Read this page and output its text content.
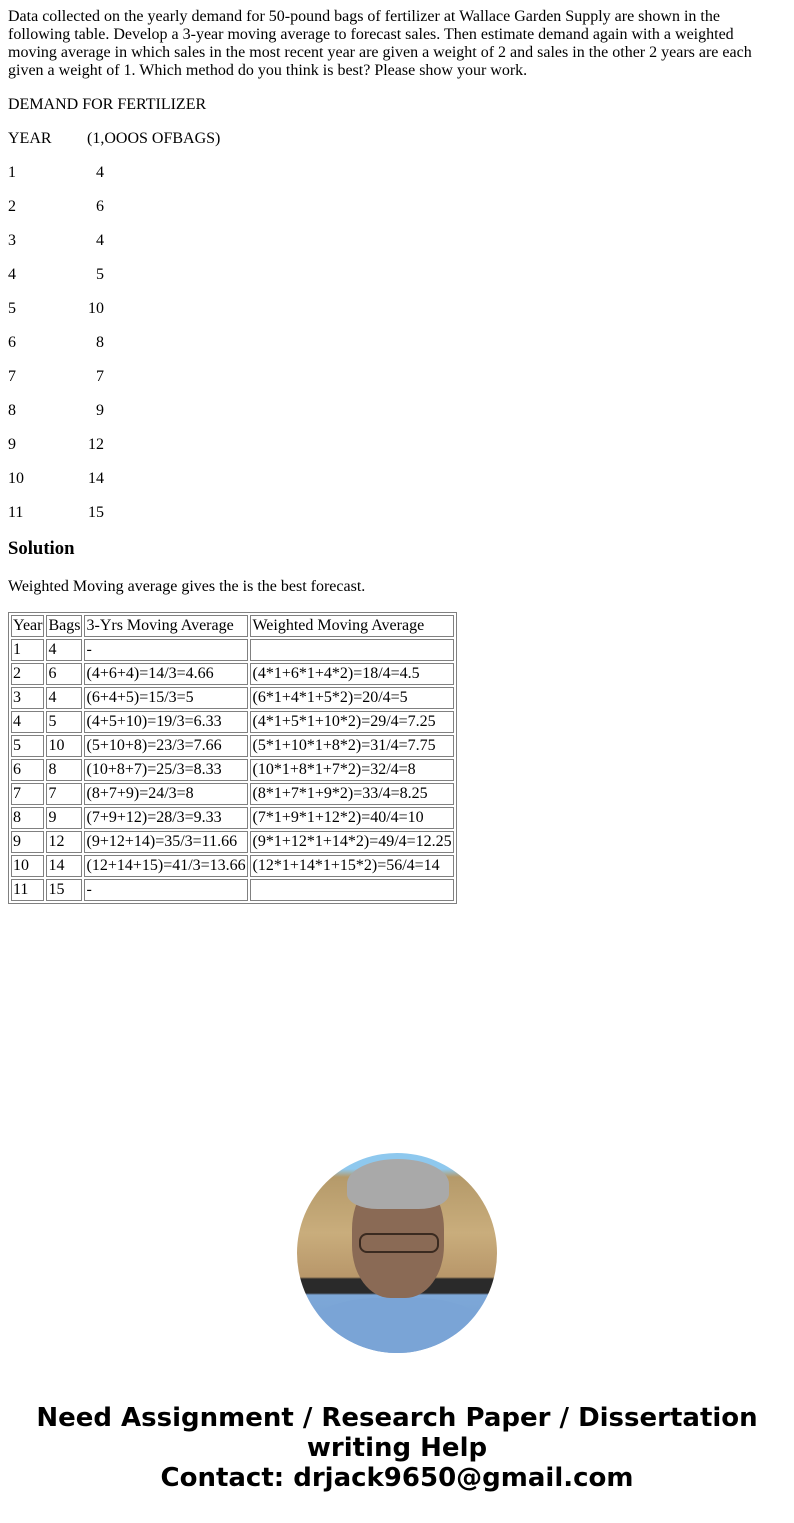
Data collected on the yearly demand for 50-pound bags of fertilizer at Wallace Garden Supply are shown in the following table. Develop a 3-year moving average to forecast sales. Then estimate demand again with a weighted moving average in which sales in the most recent year are given a weight of 2 and sales in the other 2 years are each given a weight of 1. Which method do you think is best? Please show your work.

DEMAND FOR FERTILIZER

YEAR	(1,OOOS OFBAGS)
1	4
2	6
3	4
4	5
5	10
6	8
7	7
8	9
9	12
10	14
11	15
Solution

Weighted Moving average gives the is the best forecast.

Year	Bags	3-Yrs Moving Average	Weighted Moving Average
1	4	-	
2	6	(4+6+4)=14/3=4.66	(4*1+6*1+4*2)=18/4=4.5
3	4	(6+4+5)=15/3=5	(6*1+4*1+5*2)=20/4=5
4	5	(4+5+10)=19/3=6.33	(4*1+5*1+10*2)=29/4=7.25
5	10	(5+10+8)=23/3=7.66	(5*1+10*1+8*2)=31/4=7.75
6	8	(10+8+7)=25/3=8.33	(10*1+8*1+7*2)=32/4=8
7	7	(8+7+9)=24/3=8	(8*1+7*1+9*2)=33/4=8.25
8	9	(7+9+12)=28/3=9.33	(7*1+9*1+12*2)=40/4=10
9	12	(9+12+14)=35/3=11.66	(9*1+12*1+14*2)=49/4=12.25
10	14	(12+14+15)=41/3=13.66	(12*1+14*1+15*2)=56/4=14
11	15	-	
Need Assignment / Research Paper / Dissertation
writing Help
Contact: drjack9650@gmail.com
